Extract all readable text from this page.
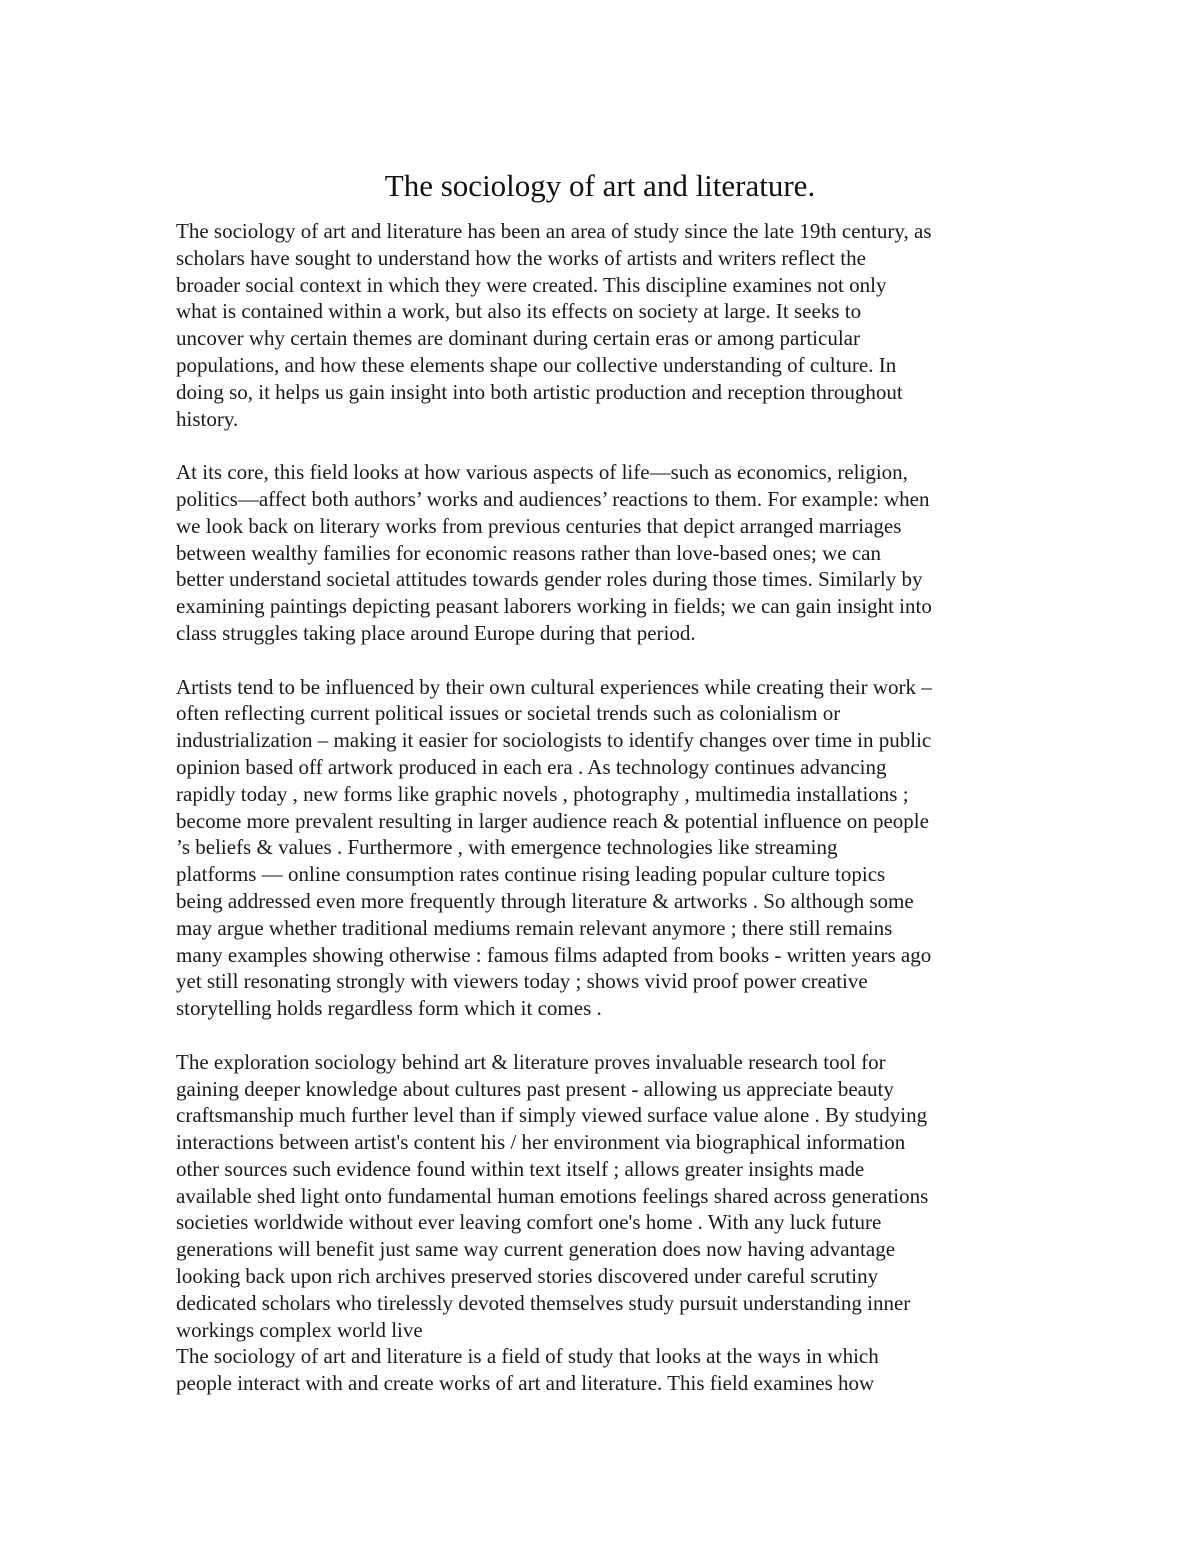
The sociology of art and literature.
The sociology of art and literature has been an area of study since the late 19th century, as
scholars have sought to understand how the works of artists and writers reflect the
broader social context in which they were created. This discipline examines not only
what is contained within a work, but also its effects on society at large. It seeks to
uncover why certain themes are dominant during certain eras or among particular
populations, and how these elements shape our collective understanding of culture. In
doing so, it helps us gain insight into both artistic production and reception throughout
history.
At its core, this field looks at how various aspects of life—such as economics, religion,
politics—affect both authors’ works and audiences’ reactions to them. For example: when
we look back on literary works from previous centuries that depict arranged marriages
between wealthy families for economic reasons rather than love-based ones; we can
better understand societal attitudes towards gender roles during those times. Similarly by
examining paintings depicting peasant laborers working in fields; we can gain insight into
class struggles taking place around Europe during that period.
Artists tend to be influenced by their own cultural experiences while creating their work –
often reflecting current political issues or societal trends such as colonialism or
industrialization – making it easier for sociologists to identify changes over time in public
opinion based off artwork produced in each era . As technology continues advancing
rapidly today , new forms like graphic novels , photography , multimedia installations ;
become more prevalent resulting in larger audience reach & potential influence on people
’s beliefs & values . Furthermore , with emergence technologies like streaming
platforms — online consumption rates continue rising leading popular culture topics
being addressed even more frequently through literature & artworks . So although some
may argue whether traditional mediums remain relevant anymore ; there still remains
many examples showing otherwise : famous films adapted from books - written years ago
yet still resonating strongly with viewers today ; shows vivid proof power creative
storytelling holds regardless form which it comes .
The exploration sociology behind art & literature proves invaluable research tool for
gaining deeper knowledge about cultures past present - allowing us appreciate beauty
craftsmanship much further level than if simply viewed surface value alone . By studying
interactions between artist's content his / her environment via biographical information
other sources such evidence found within text itself ; allows greater insights made
available shed light onto fundamental human emotions feelings shared across generations
societies worldwide without ever leaving comfort one's home . With any luck future
generations will benefit just same way current generation does now having advantage
looking back upon rich archives preserved stories discovered under careful scrutiny
dedicated scholars who tirelessly devoted themselves study pursuit understanding inner
workings complex world live
The sociology of art and literature is a field of study that looks at the ways in which
people interact with and create works of art and literature. This field examines how
